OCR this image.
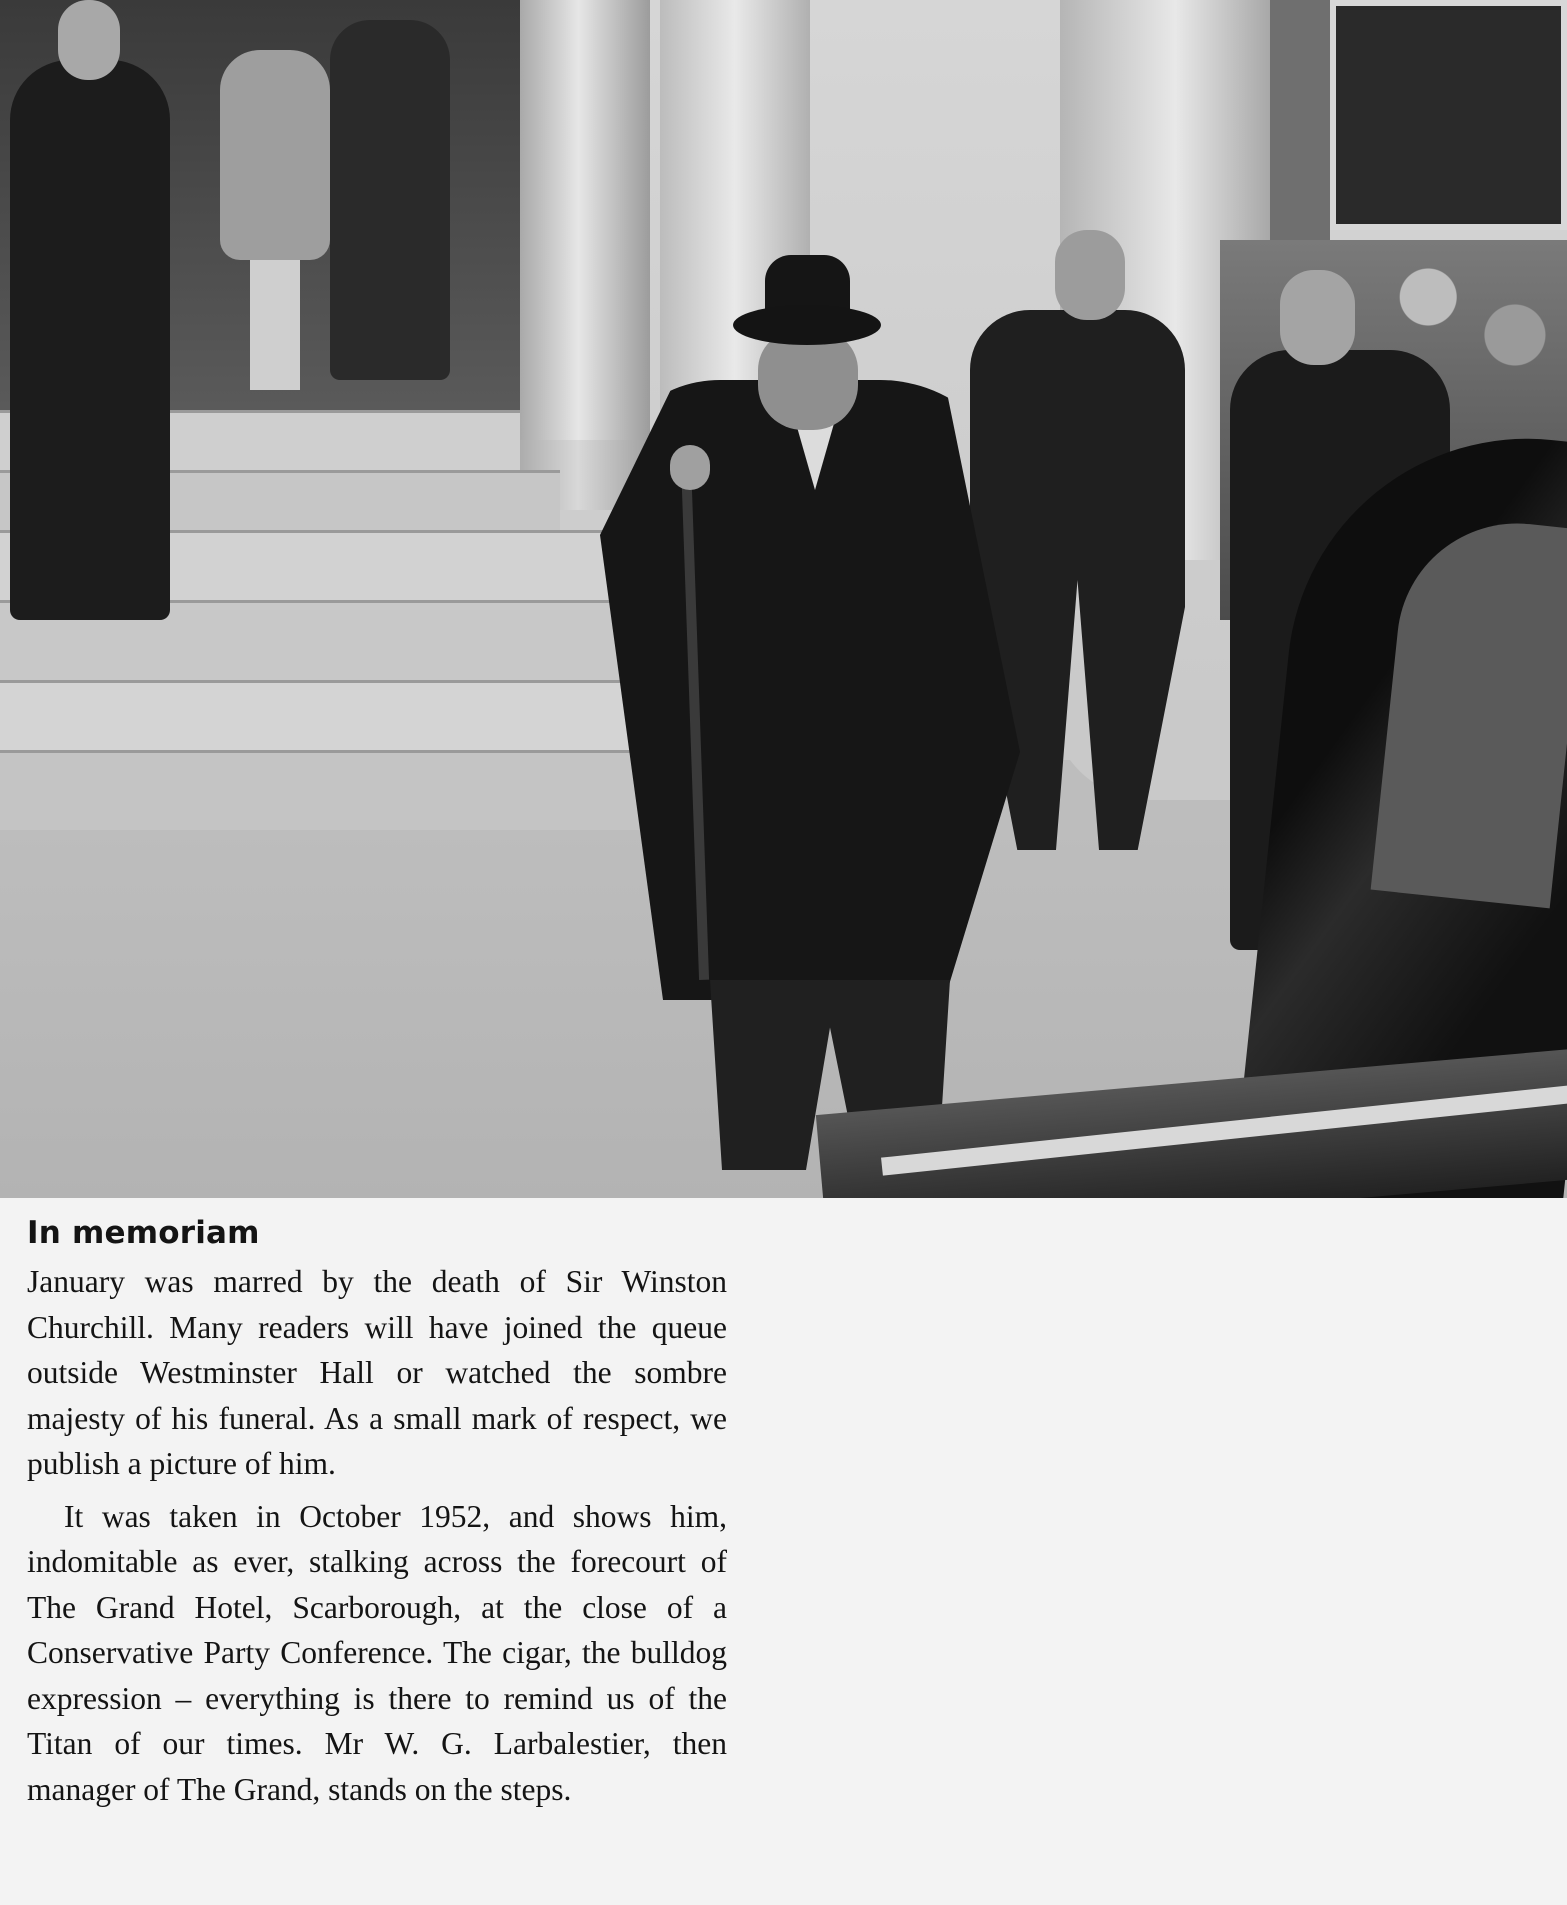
In memoriam

January was marred by the death of Sir Winston Churchill. Many readers will have joined the queue outside Westminster Hall or watched the sombre majesty of his funeral. As a small mark of respect, we publish a picture of him.

It was taken in October 1952, and shows him, indomitable as ever, stalking across the forecourt of The Grand Hotel, Scarborough, at the close of a Conservative Party Conference. The cigar, the bulldog expression – everything is there to remind us of the Titan of our times. Mr W. G. Larbalestier, then manager of The Grand, stands on the steps.
